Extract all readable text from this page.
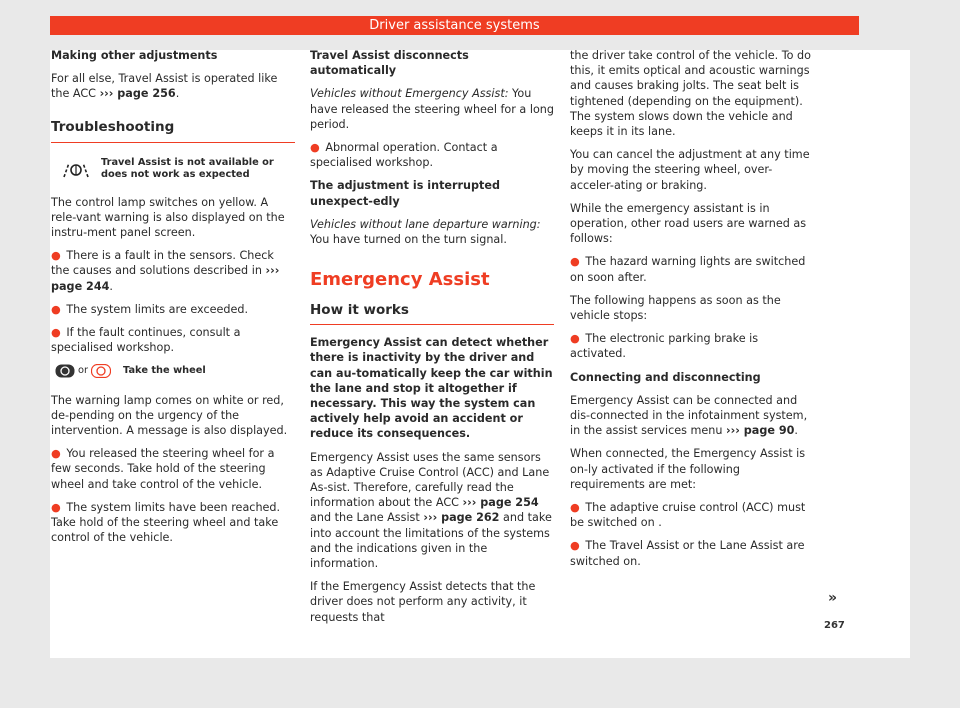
Driver assistance systems

Making other adjustments

For all else, Travel Assist is operated like the ACC ››› page 256.

Troubleshooting
Travel Assist is not available or does not work as expected

The control lamp switches on yellow. A rele-vant warning is also displayed on the instru-ment panel screen.

● There is a fault in the sensors. Check the causes and solutions described in ››› page 244.

● The system limits are exceeded.

● If the fault continues, consult a specialised workshop.

or	Take the wheel

The warning lamp comes on white or red, de-pending on the urgency of the intervention. A message is also displayed.

● You released the steering wheel for a few seconds. Take hold of the steering wheel and take control of the vehicle.

● The system limits have been reached. Take hold of the steering wheel and take control of the vehicle.

Travel Assist disconnects automatically

Vehicles without Emergency Assist: You have released the steering wheel for a long period.

● Abnormal operation. Contact a specialised workshop.

The adjustment is interrupted unexpect-edly

Vehicles without lane departure warning: You have turned on the turn signal.

Emergency Assist
How it works

Emergency Assist can detect whether there is inactivity by the driver and can au-tomatically keep the car within the lane and stop it altogether if necessary. This way the system can actively help avoid an accident or reduce its consequences.

Emergency Assist uses the same sensors as Adaptive Cruise Control (ACC) and Lane As-sist. Therefore, carefully read the information about the ACC ››› page 254 and the Lane Assist ››› page 262 and take into account the limitations of the systems and the indications given in the information.

If the Emergency Assist detects that the driver does not perform any activity, it requests that

the driver take control of the vehicle. To do this, it emits optical and acoustic warnings and causes braking jolts. The seat belt is tightened (depending on the equipment). The system slows down the vehicle and keeps it in its lane.

You can cancel the adjustment at any time by moving the steering wheel, over-acceler-ating or braking.

While the emergency assistant is in operation, other road users are warned as follows:

● The hazard warning lights are switched on soon after.

The following happens as soon as the vehicle stops:

● The electronic parking brake is activated.

Connecting and disconnecting

Emergency Assist can be connected and dis-connected in the infotainment system, in the assist services menu ››› page 90.

When connected, the Emergency Assist is on-ly activated if the following requirements are met:

● The adaptive cruise control (ACC) must be switched on .

● The Travel Assist or the Lane Assist are switched on.

»
267
